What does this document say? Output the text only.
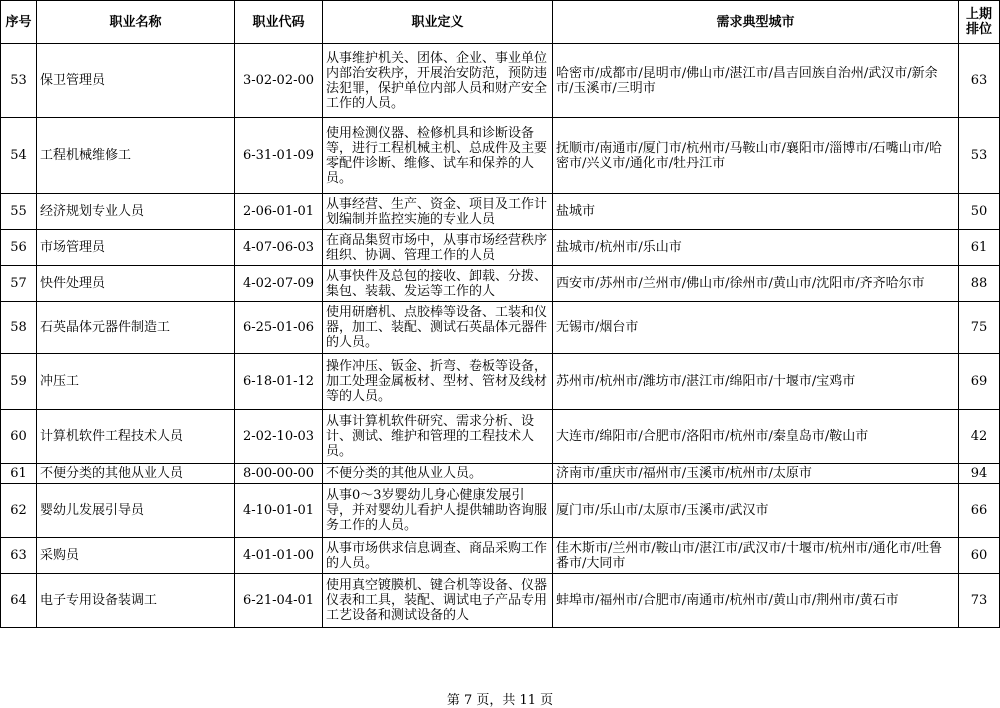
序号	职业名称	职业代码	职业定义	需求典型城市	上期
排位
53	保卫管理员	3-02-02-00	从事维护机关、团体、企业、事业单位内部治安秩序，开展治安防范，预防违法犯罪，保护单位内部人员和财产安全工作的人员。	哈密市/成都市/昆明市/佛山市/湛江市/昌吉回族自治州/武汉市/新余市/玉溪市/三明市	63
54	工程机械维修工	6-31-01-09	使用检测仪器、检修机具和诊断设备等，进行工程机械主机、总成件及主要零配件诊断、维修、试车和保养的人员。	抚顺市/南通市/厦门市/杭州市/马鞍山市/襄阳市/淄博市/石嘴山市/哈密市/兴义市/通化市/牡丹江市	53
55	经济规划专业人员	2-06-01-01	从事经营、生产、资金、项目及工作计划编制并监控实施的专业人员	盐城市	50
56	市场管理员	4-07-06-03	在商品集贸市场中，从事市场经营秩序组织、协调、管理工作的人员	盐城市/杭州市/乐山市	61
57	快件处理员	4-02-07-09	从事快件及总包的接收、卸载、分拨、集包、装载、发运等工作的人	西安市/苏州市/兰州市/佛山市/徐州市/黄山市/沈阳市/齐齐哈尔市	88
58	石英晶体元器件制造工	6-25-01-06	使用研磨机、点胶棒等设备、工装和仪器，加工、装配、测试石英晶体元器件的人员。	无锡市/烟台市	75
59	冲压工	6-18-01-12	操作冲压、钣金、折弯、卷板等设备，加工处理金属板材、型材、管材及线材等的人员。	苏州市/杭州市/潍坊市/湛江市/绵阳市/十堰市/宝鸡市	69
60	计算机软件工程技术人员	2-02-10-03	从事计算机软件研究、需求分析、设计、测试、维护和管理的工程技术人员。	大连市/绵阳市/合肥市/洛阳市/杭州市/秦皇岛市/鞍山市	42
61	不便分类的其他从业人员	8-00-00-00	不便分类的其他从业人员。	济南市/重庆市/福州市/玉溪市/杭州市/太原市	94
62	婴幼儿发展引导员	4-10-01-01	从事0～3岁婴幼儿身心健康发展引导，并对婴幼儿看护人提供辅助咨询服务工作的人员。	厦门市/乐山市/太原市/玉溪市/武汉市	66
63	采购员	4-01-01-00	从事市场供求信息调查、商品采购工作的人员。	佳木斯市/兰州市/鞍山市/湛江市/武汉市/十堰市/杭州市/通化市/吐鲁番市/大同市	60
64	电子专用设备装调工	6-21-04-01	使用真空镀膜机、键合机等设备、仪器仪表和工具，装配、调试电子产品专用工艺设备和测试设备的人	蚌埠市/福州市/合肥市/南通市/杭州市/黄山市/荆州市/黄石市	73
第 7 页，共 11 页
